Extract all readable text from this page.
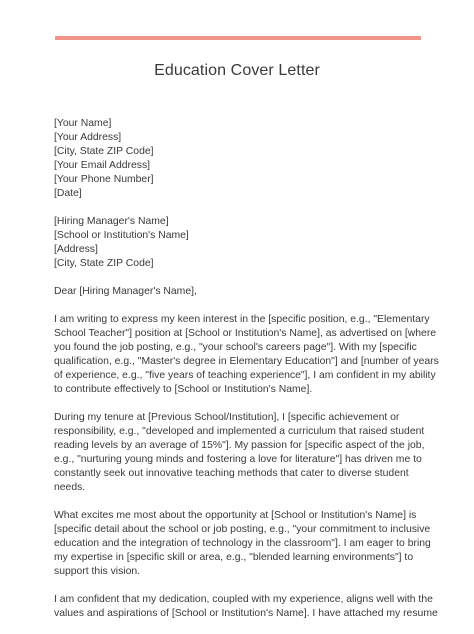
Education Cover Letter
[Your Name]
[Your Address]
[City, State ZIP Code]
[Your Email Address]
[Your Phone Number]
[Date]
[Hiring Manager's Name]
[School or Institution's Name]
[Address]
[City, State ZIP Code]
Dear [Hiring Manager's Name],
I am writing to express my keen interest in the [specific position, e.g., "Elementary
School Teacher"] position at [School or Institution's Name], as advertised on [where
you found the job posting, e.g., "your school's careers page"]. With my [specific
qualification, e.g., "Master's degree in Elementary Education"] and [number of years
of experience, e.g., "five years of teaching experience"], I am confident in my ability
to contribute effectively to [School or Institution's Name].
During my tenure at [Previous School/Institution], I [specific achievement or
responsibility, e.g., "developed and implemented a curriculum that raised student
reading levels by an average of 15%"]. My passion for [specific aspect of the job,
e.g., "nurturing young minds and fostering a love for literature"] has driven me to
constantly seek out innovative teaching methods that cater to diverse student
needs.
What excites me most about the opportunity at [School or Institution's Name] is
[specific detail about the school or job posting, e.g., "your commitment to inclusive
education and the integration of technology in the classroom"]. I am eager to bring
my expertise in [specific skill or area, e.g., "blended learning environments"] to
support this vision.
I am confident that my dedication, coupled with my experience, aligns well with the
values and aspirations of [School or Institution's Name]. I have attached my resume
